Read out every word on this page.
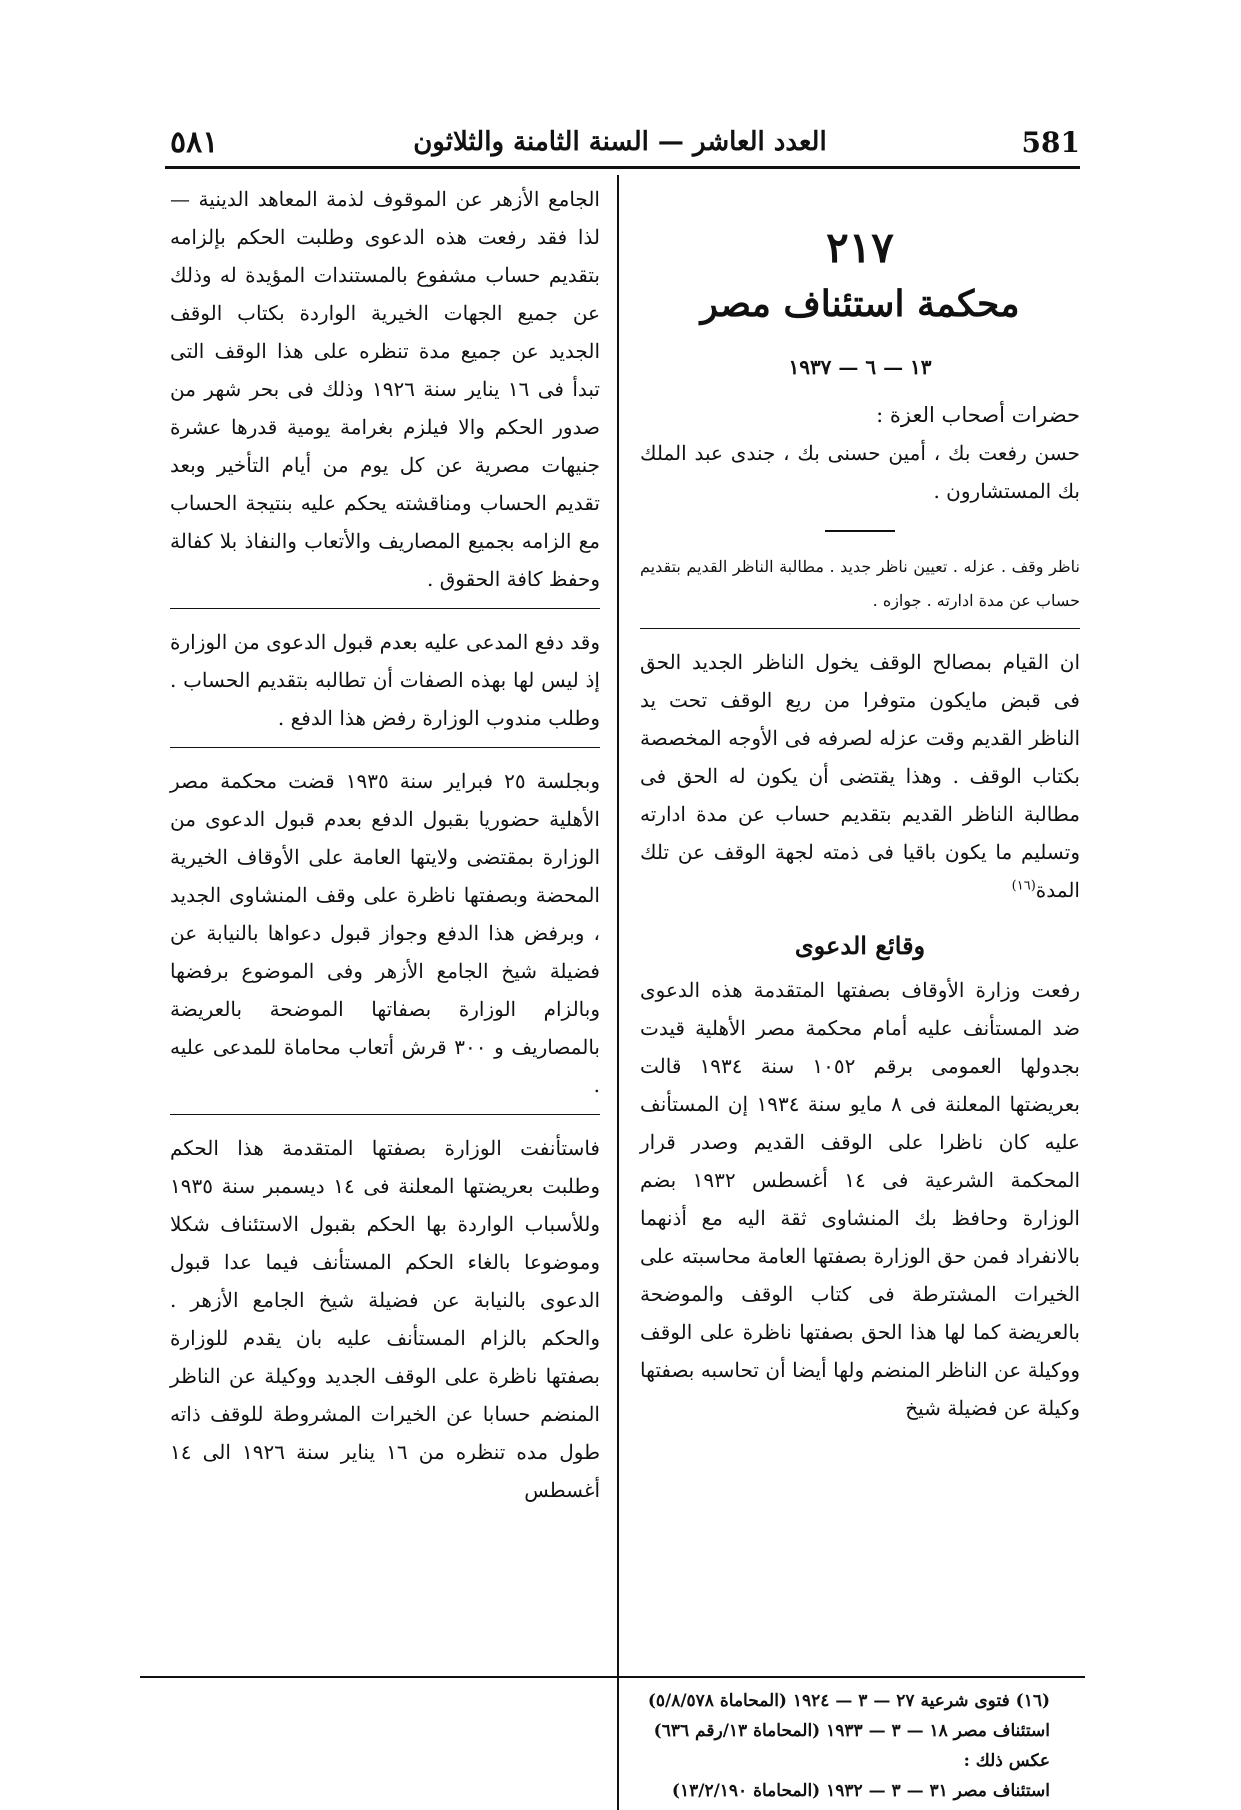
٥٨١	العدد العاشر — السنة الثامنة والثلاثون	581
٢١٧
محكمة استئناف مصر
١٣ — ٦ — ١٩٣٧

حضرات أصحاب العزة :

حسن رفعت بك ، أمين حسنى بك ، جندى عبد الملك بك المستشارون .

ناظر وقف . عزله . تعيين ناظر جديد . مطالبة الناظر القديم بتقديم حساب عن مدة ادارته . جوازه .

ان القيام بمصالح الوقف يخول الناظر الجديد الحق فى قبض مايكون متوفرا من ريع الوقف تحت يد الناظر القديم وقت عزله لصرفه فى الأوجه المخصصة بكتاب الوقف . وهذا يقتضى أن يكون له الحق فى مطالبة الناظر القديم بتقديم حساب عن مدة ادارته وتسليم ما يكون باقيا فى ذمته لجهة الوقف عن تلك المدة$^{(١٦)}$

وقائع الدعوى

رفعت وزارة الأوقاف بصفتها المتقدمة هذه الدعوى ضد المستأنف عليه أمام محكمة مصر الأهلية قيدت بجدولها العمومى برقم ١٠٥٢ سنة ١٩٣٤ قالت بعريضتها المعلنة فى ٨ مايو سنة ١٩٣٤ إن المستأنف عليه كان ناظرا على الوقف القديم وصدر قرار المحكمة الشرعية فى ١٤ أغسطس ١٩٣٢ بضم الوزارة وحافظ بك المنشاوى ثقة اليه مع أذنهما بالانفراد فمن حق الوزارة بصفتها العامة محاسبته على الخيرات المشترطة فى كتاب الوقف والموضحة بالعريضة كما لها هذا الحق بصفتها ناظرة على الوقف ووكيلة عن الناظر المنضم ولها أيضا أن تحاسبه بصفتها وكيلة عن فضيلة شيخ

الجامع الأزهر عن الموقوف لذمة المعاهد الدينية — لذا فقد رفعت هذه الدعوى وطلبت الحكم بإلزامه بتقديم حساب مشفوع بالمستندات المؤيدة له وذلك عن جميع الجهات الخيرية الواردة بكتاب الوقف الجديد عن جميع مدة تنظره على هذا الوقف التى تبدأ فى ١٦ يناير سنة ١٩٢٦ وذلك فى بحر شهر من صدور الحكم والا فيلزم بغرامة يومية قدرها عشرة جنيهات مصرية عن كل يوم من أيام التأخير وبعد تقديم الحساب ومناقشته يحكم عليه بنتيجة الحساب مع الزامه بجميع المصاريف والأتعاب والنفاذ بلا كفالة وحفظ كافة الحقوق .

وقد دفع المدعى عليه بعدم قبول الدعوى من الوزارة إذ ليس لها بهذه الصفات أن تطالبه بتقديم الحساب . وطلب مندوب الوزارة رفض هذا الدفع .

وبجلسة ٢٥ فبراير سنة ١٩٣٥ قضت محكمة مصر الأهلية حضوريا بقبول الدفع بعدم قبول الدعوى من الوزارة بمقتضى ولايتها العامة على الأوقاف الخيرية المحضة وبصفتها ناظرة على وقف المنشاوى الجديد ، وبرفض هذا الدفع وجواز قبول دعواها بالنيابة عن فضيلة شيخ الجامع الأزهر وفى الموضوع برفضها وبالزام الوزارة بصفاتها الموضحة بالعريضة بالمصاريف و ٣٠٠ قرش أتعاب محاماة للمدعى عليه .

فاستأنفت الوزارة بصفتها المتقدمة هذا الحكم وطلبت بعريضتها المعلنة فى ١٤ ديسمبر سنة ١٩٣٥ وللأسباب الواردة بها الحكم بقبول الاستئناف شكلا وموضوعا بالغاء الحكم المستأنف فيما عدا قبول الدعوى بالنيابة عن فضيلة شيخ الجامع الأزهر . والحكم بالزام المستأنف عليه بان يقدم للوزارة بصفتها ناظرة على الوقف الجديد ووكيلة عن الناظر المنضم حسابا عن الخيرات المشروطة للوقف ذاته طول مده تنظره من ١٦ يناير سنة ١٩٢٦ الى ١٤ أغسطس

(١٦) فتوى شرعية ٢٧ — ٣ — ١٩٢٤ (المحاماة ٥/٨/٥٧٨)

استئناف مصر ١٨ — ٣ — ١٩٣٣ (المحاماة ١٣/رقم ٦٣٦)

عكس ذلك :

استئناف مصر ٣١ — ٣ — ١٩٣٢ (المحاماة ١٣/٢/١٩٠)
